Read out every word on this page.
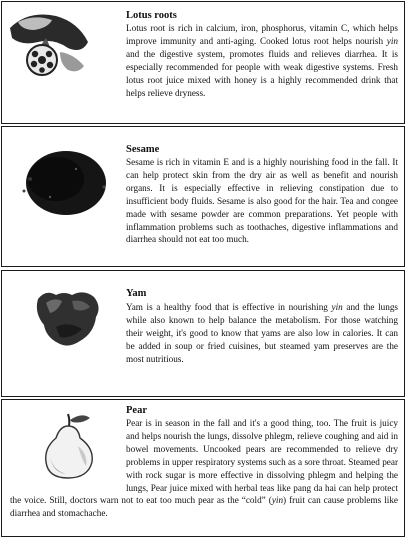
Lotus roots

Lotus root is rich in calcium, iron, phosphorus, vitamin C, which helps improve immunity and anti-aging. Cooked lotus root helps nourish yin and the digestive system, promotes fluids and relieves diarrhea. It is especially recommended for people with weak digestive systems. Fresh lotus root juice mixed with honey is a highly recommended drink that helps relieve dryness.

Sesame

Sesame is rich in vitamin E and is a highly nourishing food in the fall. It can help protect skin from the dry air as well as benefit and nourish organs. It is especially effective in relieving constipation due to insufficient body fluids. Sesame is also good for the hair. Tea and congee made with sesame powder are common preparations. Yet people with inflammation problems such as toothaches, digestive inflammations and diarrhea should not eat too much.

Yam

Yam is a healthy food that is effective in nourishing yin and the lungs while also known to help balance the metabolism. For those watching their weight, it's good to know that yams are also low in calories. It can be added in soup or fried cuisines, but steamed yam preserves are the most nutritious.

Pear

Pear is in season in the fall and it's a good thing, too. The fruit is juicy and helps nourish the lungs, dissolve phlegm, relieve coughing and aid in bowel movements. Uncooked pears are recommended to relieve dry problems in upper respiratory systems such as a sore throat. Steamed pear with rock sugar is more effective in dissolving phlegm and helping the lungs, Pear juice mixed with herbal teas like pang da hai can help protect the voice. Still, doctors warn not to eat too much pear as the “cold” (yin) fruit can cause problems like diarrhea and stomachache.
